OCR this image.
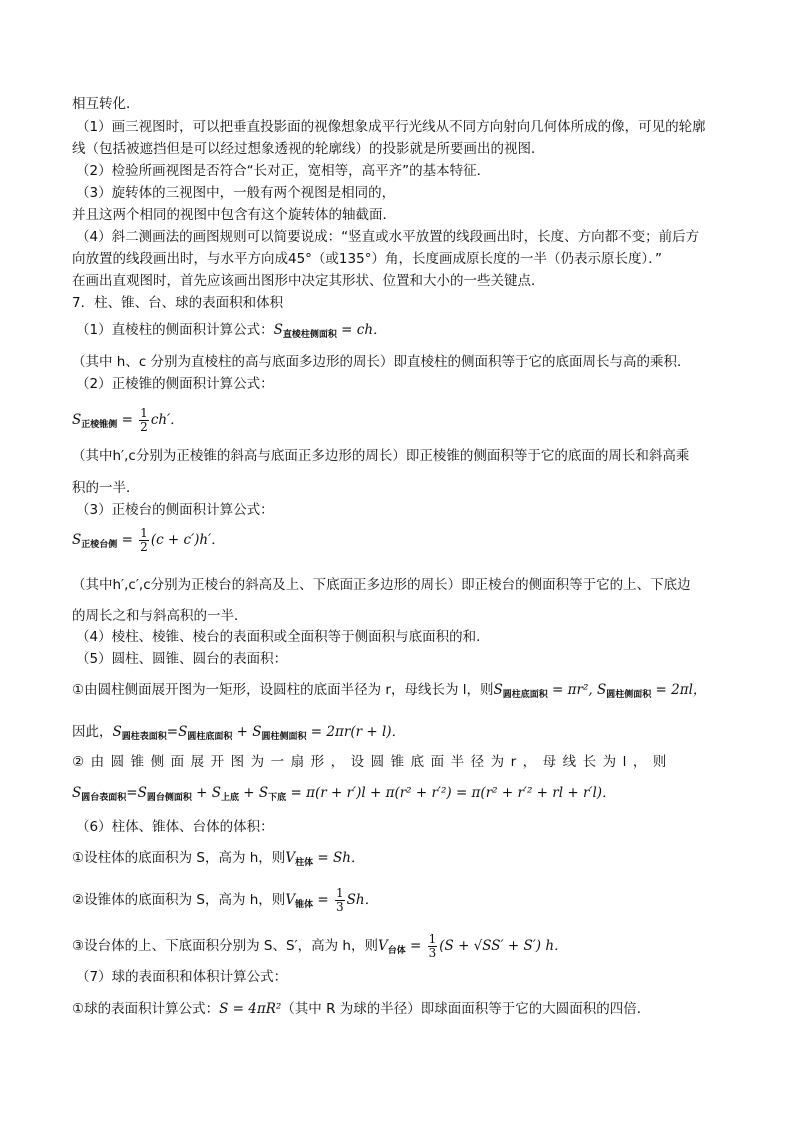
相互转化．
（1）画三视图时，可以把垂直投影面的视像想象成平行光线从不同方向射向几何体所成的像，可见的轮廓
线（包括被遮挡但是可以经过想象透视的轮廓线）的投影就是所要画出的视图．
（2）检验所画视图是否符合“长对正，宽相等，高平齐”的基本特征．
（3）旋转体的三视图中，一般有两个视图是相同的，
并且这两个相同的视图中包含有这个旋转体的轴截面．
（4）斜二测画法的画图规则可以简要说成：“竖直或水平放置的线段画出时，长度、方向都不变；前后方
向放置的线段画出时，与水平方向成45°（或135°）角，长度画成原长度的一半（仍表示原长度）．”
在画出直观图时，首先应该画出图形中决定其形状、位置和大小的一些关键点．
7．柱、锥、台、球的表面积和体积
（1）直棱柱的侧面积计算公式：$S_{直棱柱侧面积}$ = ch．
（其中 h、c 分别为直棱柱的高与底面多边形的周长）即直棱柱的侧面积等于它的底面周长与高的乘积．
（2）正棱锥的侧面积计算公式：
$S_{正棱锥侧} = \frac{1}{2} ch'$．
（其中h′,c分别为正棱锥的斜高与底面正多边形的周长）即正棱锥的侧面积等于它的底面的周长和斜高乘
积的一半．
（3）正棱台的侧面积计算公式：
$S_{正棱台侧} = \frac{1}{2} (c + c')h'$．
（其中h′,c′,c分别为正棱台的斜高及上、下底面正多边形的周长）即正棱台的侧面积等于它的上、下底边
的周长之和与斜高积的一半．
（4）棱柱、棱锥、棱台的表面积或全面积等于侧面积与底面积的和．
（5）圆柱、圆锥、圆台的表面积：
①由圆柱侧面展开图为一矩形，设圆柱的底面半径为 r，母线长为 l，则$S_{圆柱底面积} = \pi r^2$, $S_{圆柱侧面积} = 2\pi l$，
因此，$S_{圆柱表面积}=S_{圆柱底面积} + S_{圆柱侧面积} = 2\pi r(r + l)$．
②由圆锥侧面展开图为一扇形，设圆锥底面半径为r，母线长为l，则
$S_{圆台表面积}=S_{圆台侧面积} + S_{上底} + S_{下底} = \pi(r + r')l + \pi(r^2 + r'^2) = \pi(r^2 + r'^2$ + rl + r′l)．
（6）柱体、锥体、台体的体积：
①设柱体的底面积为 S，高为 h，则$V_{柱体} = Sh$．
②设锥体的底面积为 S，高为 h，则$V_{锥体} = \frac{1}{3}$ Sh．
③设台体的上、下底面积分别为 S、S′，高为 h，则$V_{台体} = \frac{1}{3} (S + √SS' + S')$ h．
（7）球的表面积和体积计算公式：
①球的表面积计算公式：S = 4πR²（其中 R 为球的半径）即球面面积等于它的大圆面积的四倍．
